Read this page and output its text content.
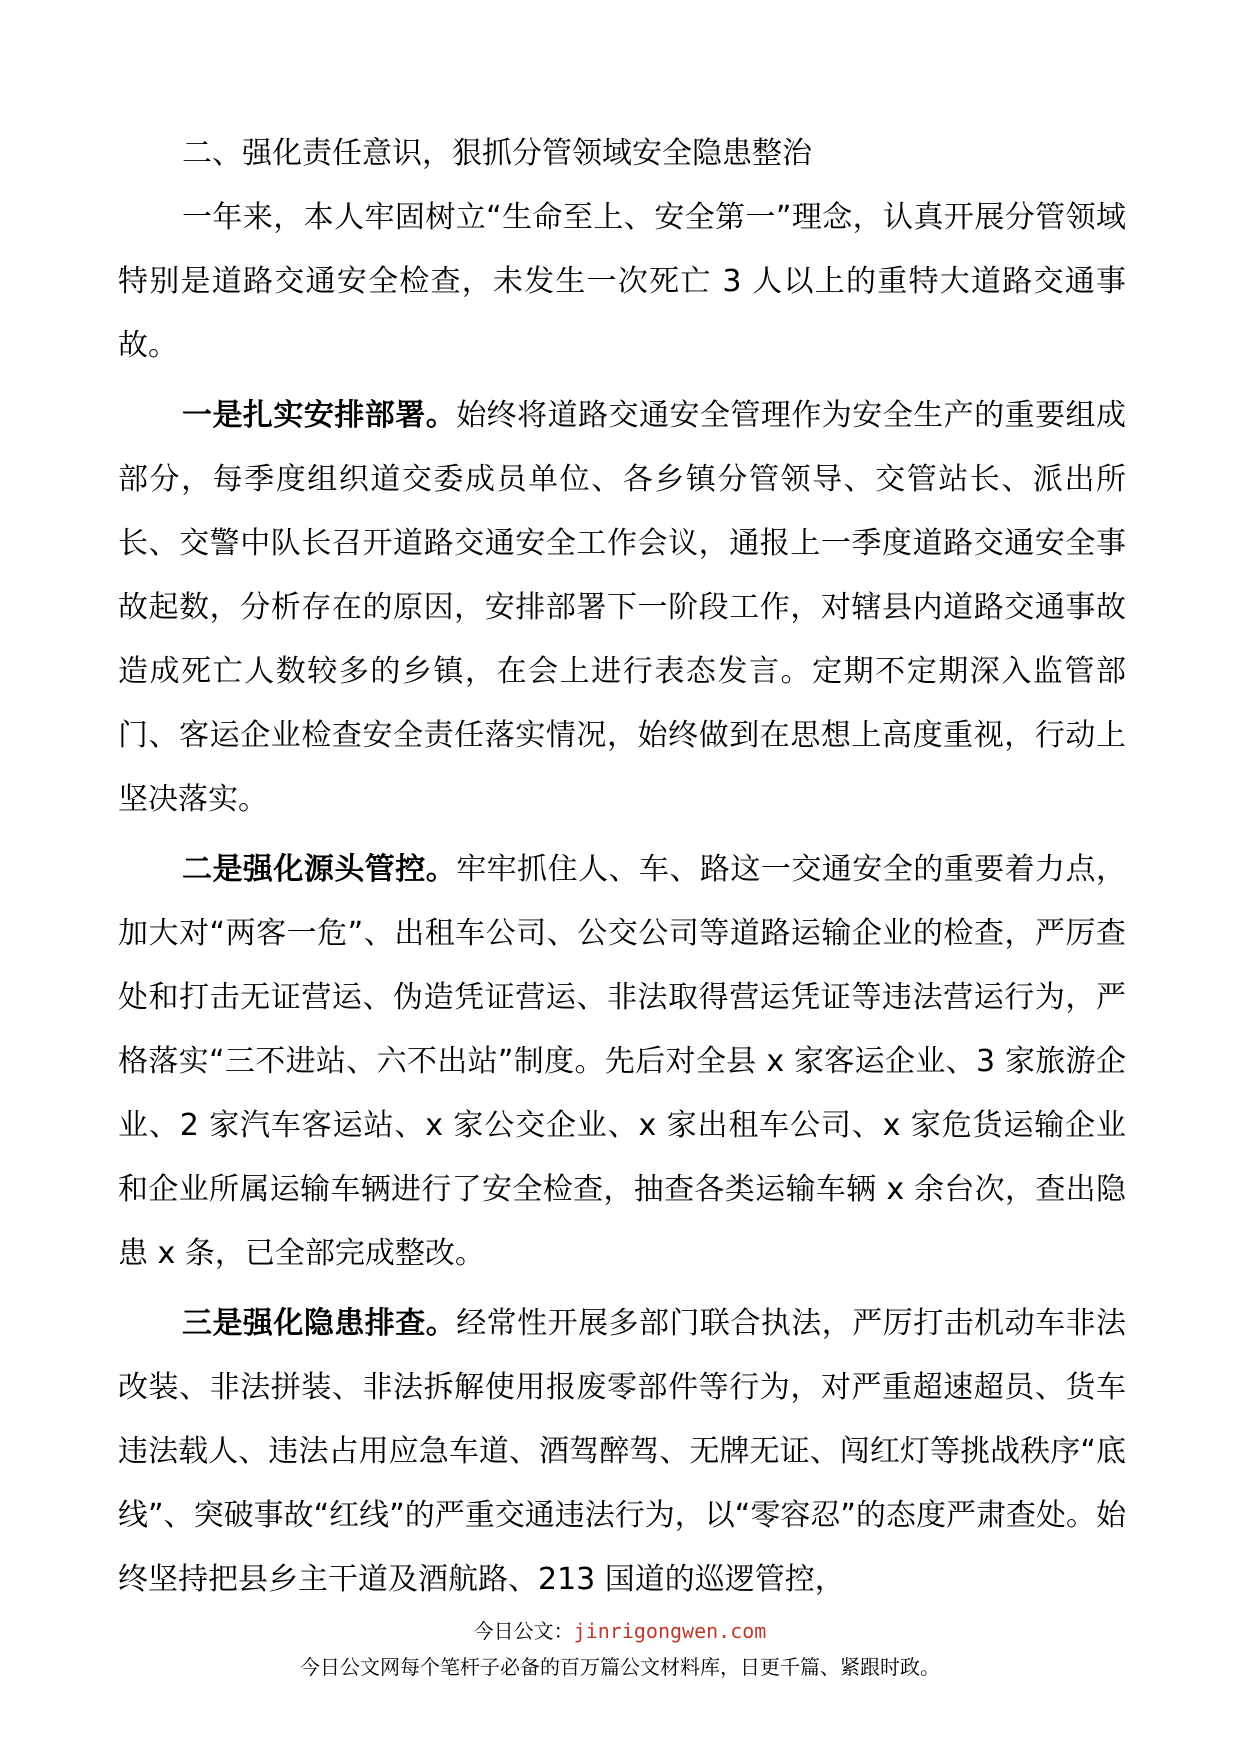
二、强化责任意识，狠抓分管领域安全隐患整治

一年来，本人牢固树立“生命至上、安全第一”理念，认真开展分管领域特别是道路交通安全检查，未发生一次死亡 3 人以上的重特大道路交通事故。

一是扎实安排部署。始终将道路交通安全管理作为安全生产的重要组成部分，每季度组织道交委成员单位、各乡镇分管领导、交管站长、派出所长、交警中队长召开道路交通安全工作会议，通报上一季度道路交通安全事故起数，分析存在的原因，安排部署下一阶段工作，对辖县内道路交通事故造成死亡人数较多的乡镇，在会上进行表态发言。定期不定期深入监管部门、客运企业检查安全责任落实情况，始终做到在思想上高度重视，行动上坚决落实。

二是强化源头管控。牢牢抓住人、车、路这一交通安全的重要着力点，加大对“两客一危”、出租车公司、公交公司等道路运输企业的检查，严厉查处和打击无证营运、伪造凭证营运、非法取得营运凭证等违法营运行为，严格落实“三不进站、六不出站”制度。先后对全县 x 家客运企业、3 家旅游企业、2 家汽车客运站、x 家公交企业、x 家出租车公司、x 家危货运输企业和企业所属运输车辆进行了安全检查，抽查各类运输车辆 x 余台次，查出隐患 x 条，已全部完成整改。

三是强化隐患排查。经常性开展多部门联合执法，严厉打击机动车非法改装、非法拼装、非法拆解使用报废零部件等行为，对严重超速超员、货车违法载人、违法占用应急车道、酒驾醉驾、无牌无证、闯红灯等挑战秩序“底线”、突破事故“红线”的严重交通违法行为，以“零容忍”的态度严肃查处。始终坚持把县乡主干道及酒航路、213 国道的巡逻管控，

今日公文：jinrigongwen.com
今日公文网每个笔杆子必备的百万篇公文材料库，日更千篇、紧跟时政。
